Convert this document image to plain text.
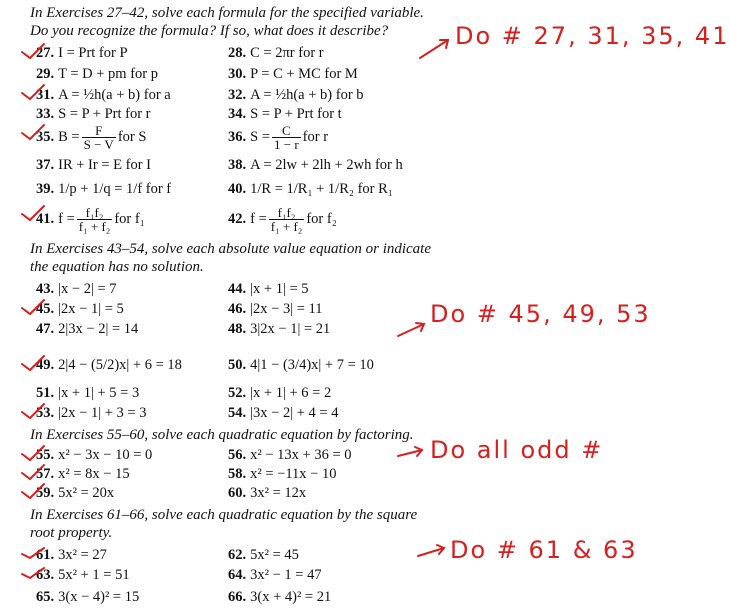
In Exercises 27–42, solve each formula for the specified variable.
Do you recognize the formula? If so, what does it describe?
27. I = Prt for P	28. C = 2πr for r
29. T = D + pm for p	30. P = C + MC for M
31. A = ½h(a + b) for a	32. A = ½h(a + b) for b
33. S = P + Prt for r	34. S = P + Prt for t
35. $B = \frac{F}{S - V}$ for S	36. $S = \frac{C}{1 - r}$ for r
37. IR + Ir = E for I	38. A = 2lw + 2lh + 2wh for h
39. 1/p + 1/q = 1/f for f	40. 1/R = 1/R₁ + 1/R₂ for R₁
41. $f = \frac{\text{f₁f₂}}{\text{f₁ + f₂}}$ for f₁	42. $f = \frac{\text{f₁f₂}}{\text{f₁ + f₂}}$ for f₂
In Exercises 43–54, solve each absolute value equation or indicate
the equation has no solution.
43. |x − 2| = 7	44. |x + 1| = 5
45. |2x − 1| = 5	46. |2x − 3| = 11
47. 2|3x − 2| = 14	48. 3|2x − 1| = 21
49. 2|4 − (5/2)x| + 6 = 18	50. 4|1 − (3/4)x| + 7 = 10
51. |x + 1| + 5 = 3	52. |x + 1| + 6 = 2
53. |2x − 1| + 3 = 3	54. |3x − 2| + 4 = 4
In Exercises 55–60, solve each quadratic equation by factoring.
55. x² − 3x − 10 = 0	56. x² − 13x + 36 = 0
57. x² = 8x − 15	58. x² = −11x − 10
59. 5x² = 20x	60. 3x² = 12x
In Exercises 61–66, solve each quadratic equation by the square
root property.
61. 3x² = 27	62. 5x² = 45
63. 5x² + 1 = 51	64. 3x² − 1 = 47
65. 3(x − 4)² = 15	66. 3(x + 4)² = 21
Do # 27, 31, 35, 41
Do # 45, 49, 53
Do all odd #
Do # 61 & 63
